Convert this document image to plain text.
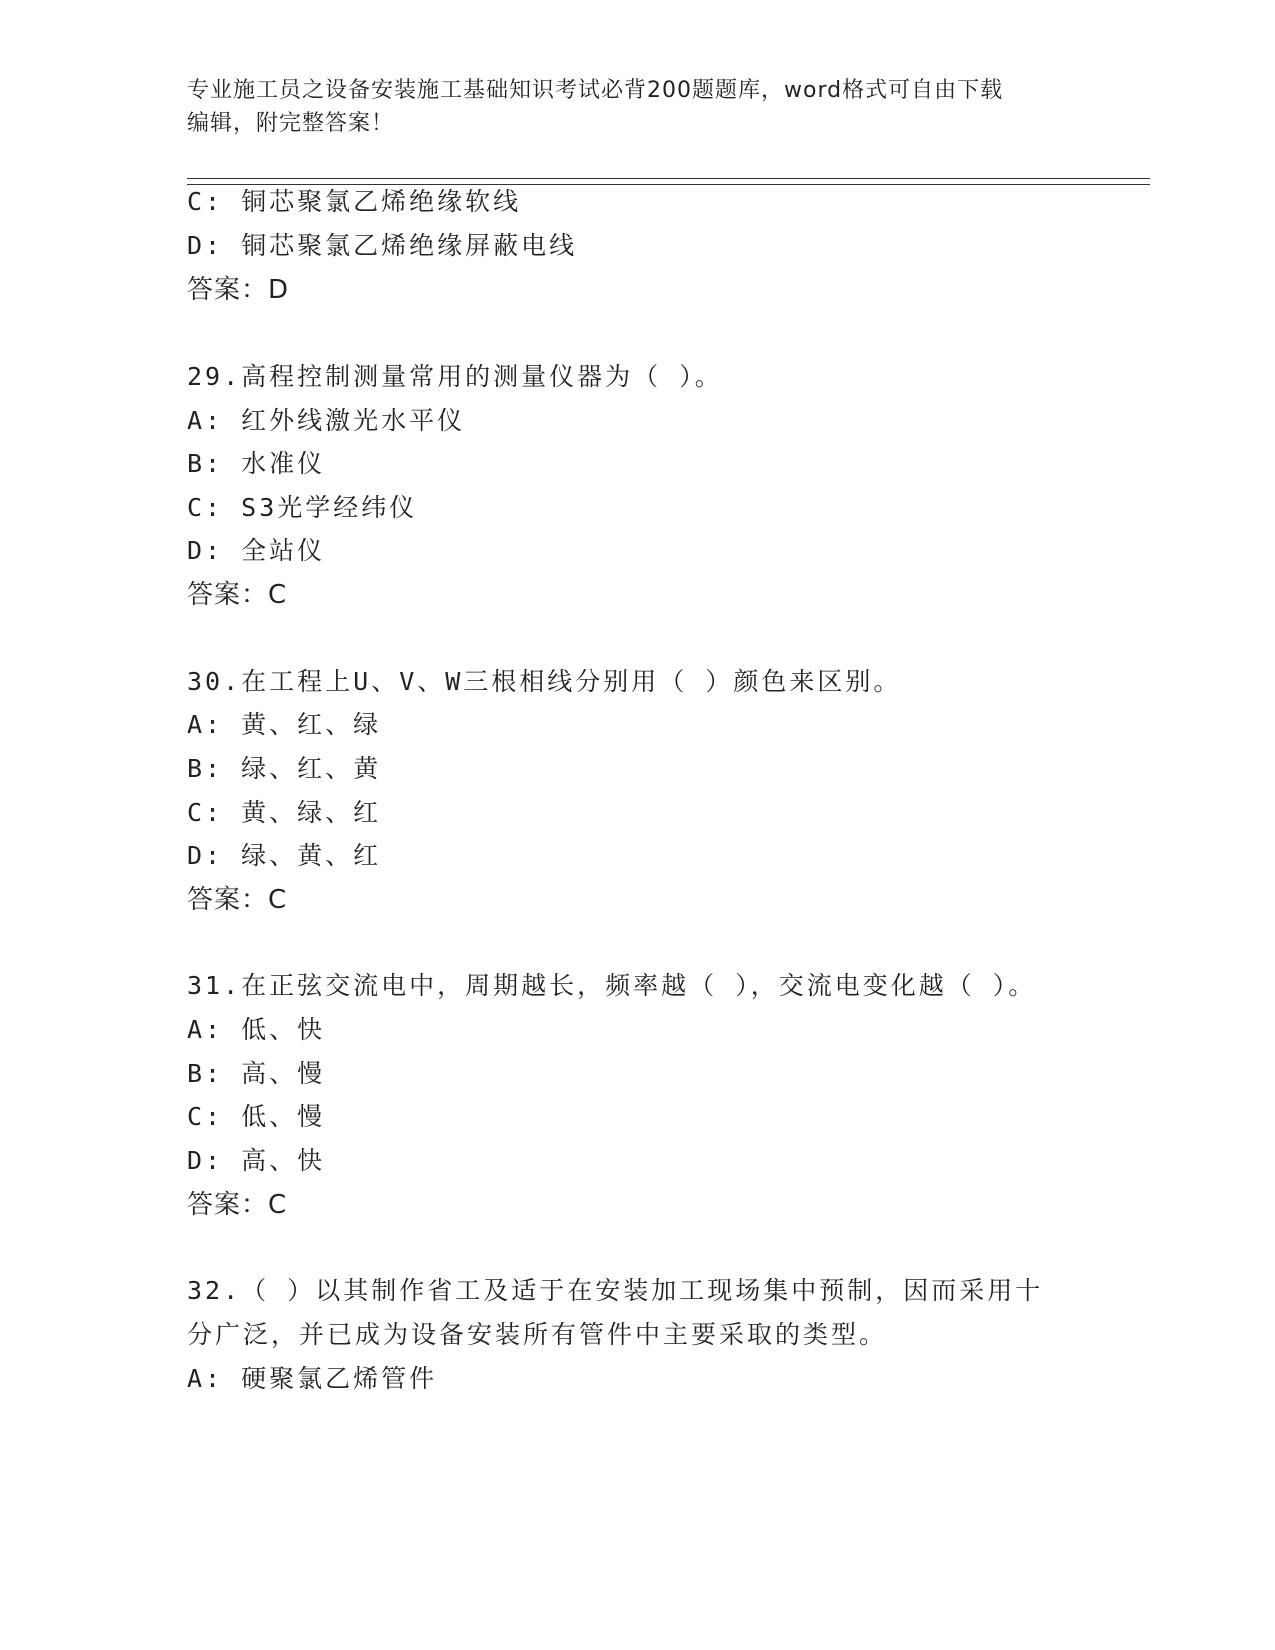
专业施工员之设备安装施工基础知识考试必背200题题库，word格式可自由下载
编辑，附完整答案！
C: 铜芯聚氯乙烯绝缘软线
D: 铜芯聚氯乙烯绝缘屏蔽电线
答案：D
29.高程控制测量常用的测量仪器为（ ）。
A: 红外线激光水平仪
B: 水准仪
C: S3光学经纬仪
D: 全站仪
答案：C
30.在工程上U、V、W三根相线分别用（ ）颜色来区别。
A: 黄、红、绿
B: 绿、红、黄
C: 黄、绿、红
D: 绿、黄、红
答案：C
31.在正弦交流电中，周期越长，频率越（ ），交流电变化越（ ）。
A: 低、快
B: 高、慢
C: 低、慢
D: 高、快
答案：C
32.（ ）以其制作省工及适于在安装加工现场集中预制，因而采用十
分广泛，并已成为设备安装所有管件中主要采取的类型。
A: 硬聚氯乙烯管件
